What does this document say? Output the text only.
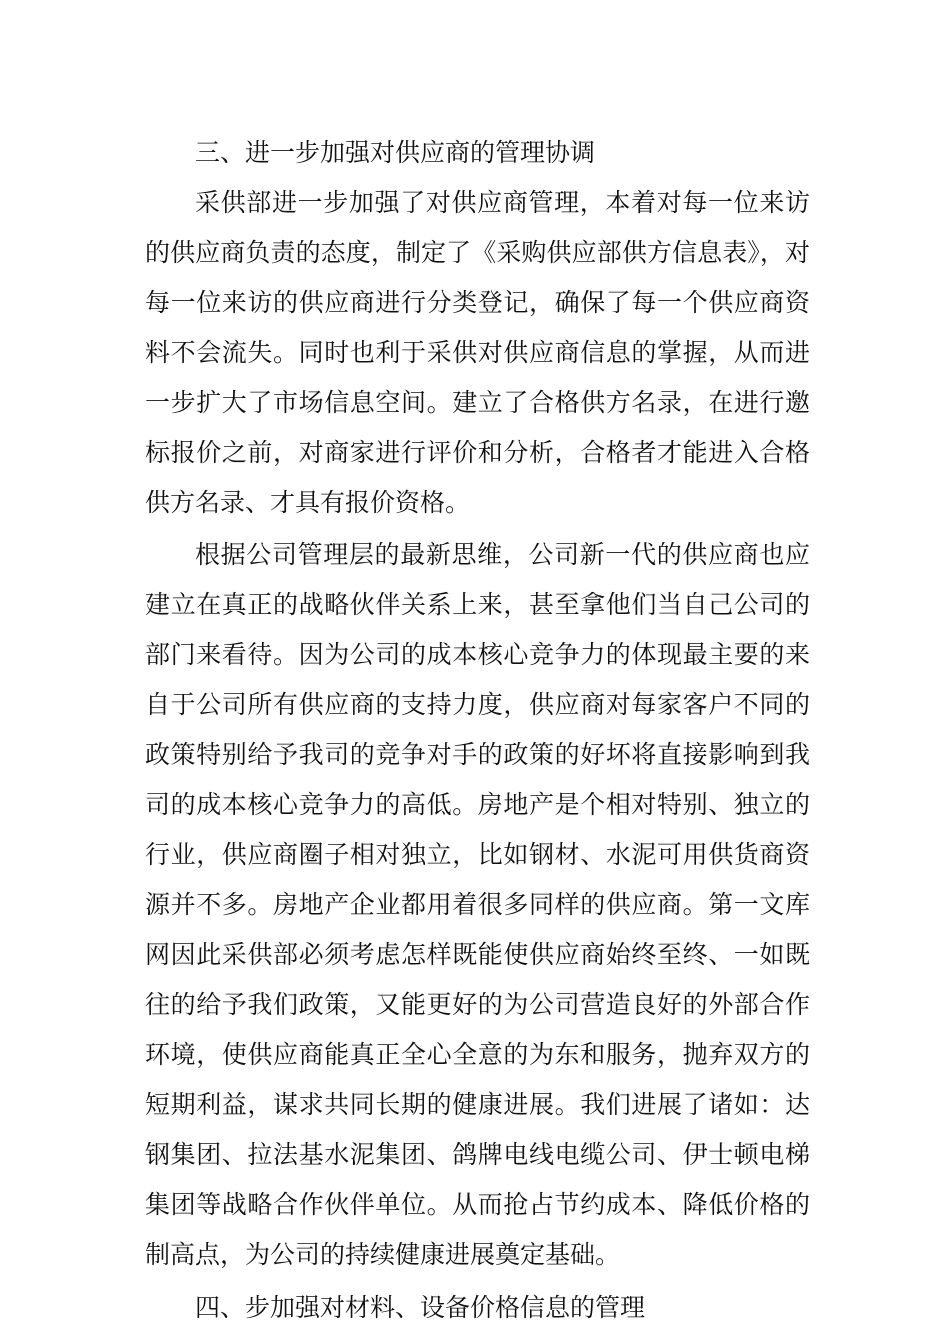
三、进一步加强对供应商的管理协调

采供部进一步加强了对供应商管理，本着对每一位来访的供应商负责的态度，制定了《采购供应部供方信息表》，对每一位来访的供应商进行分类登记，确保了每一个供应商资料不会流失。同时也利于采供对供应商信息的掌握，从而进一步扩大了市场信息空间。建立了合格供方名录，在进行邀标报价之前，对商家进行评价和分析，合格者才能进入合格供方名录、才具有报价资格。

根据公司管理层的最新思维，公司新一代的供应商也应建立在真正的战略伙伴关系上来，甚至拿他们当自己公司的部门来看待。因为公司的成本核心竞争力的体现最主要的来自于公司所有供应商的支持力度，供应商对每家客户不同的政策特别给予我司的竞争对手的政策的好坏将直接影响到我司的成本核心竞争力的高低。房地产是个相对特别、独立的行业，供应商圈子相对独立，比如钢材、水泥可用供货商资源并不多。房地产企业都用着很多同样的供应商。第一文库网因此采供部必须考虑怎样既能使供应商始终至终、一如既往的给予我们政策，又能更好的为公司营造良好的外部合作环境，使供应商能真正全心全意的为东和服务，抛弃双方的短期利益，谋求共同长期的健康进展。我们进展了诸如：达钢集团、拉法基水泥集团、鸽牌电线电缆公司、伊士顿电梯集团等战略合作伙伴单位。从而抢占节约成本、降低价格的制高点，为公司的持续健康进展奠定基础。

四、步加强对材料、设备价格信息的管理
